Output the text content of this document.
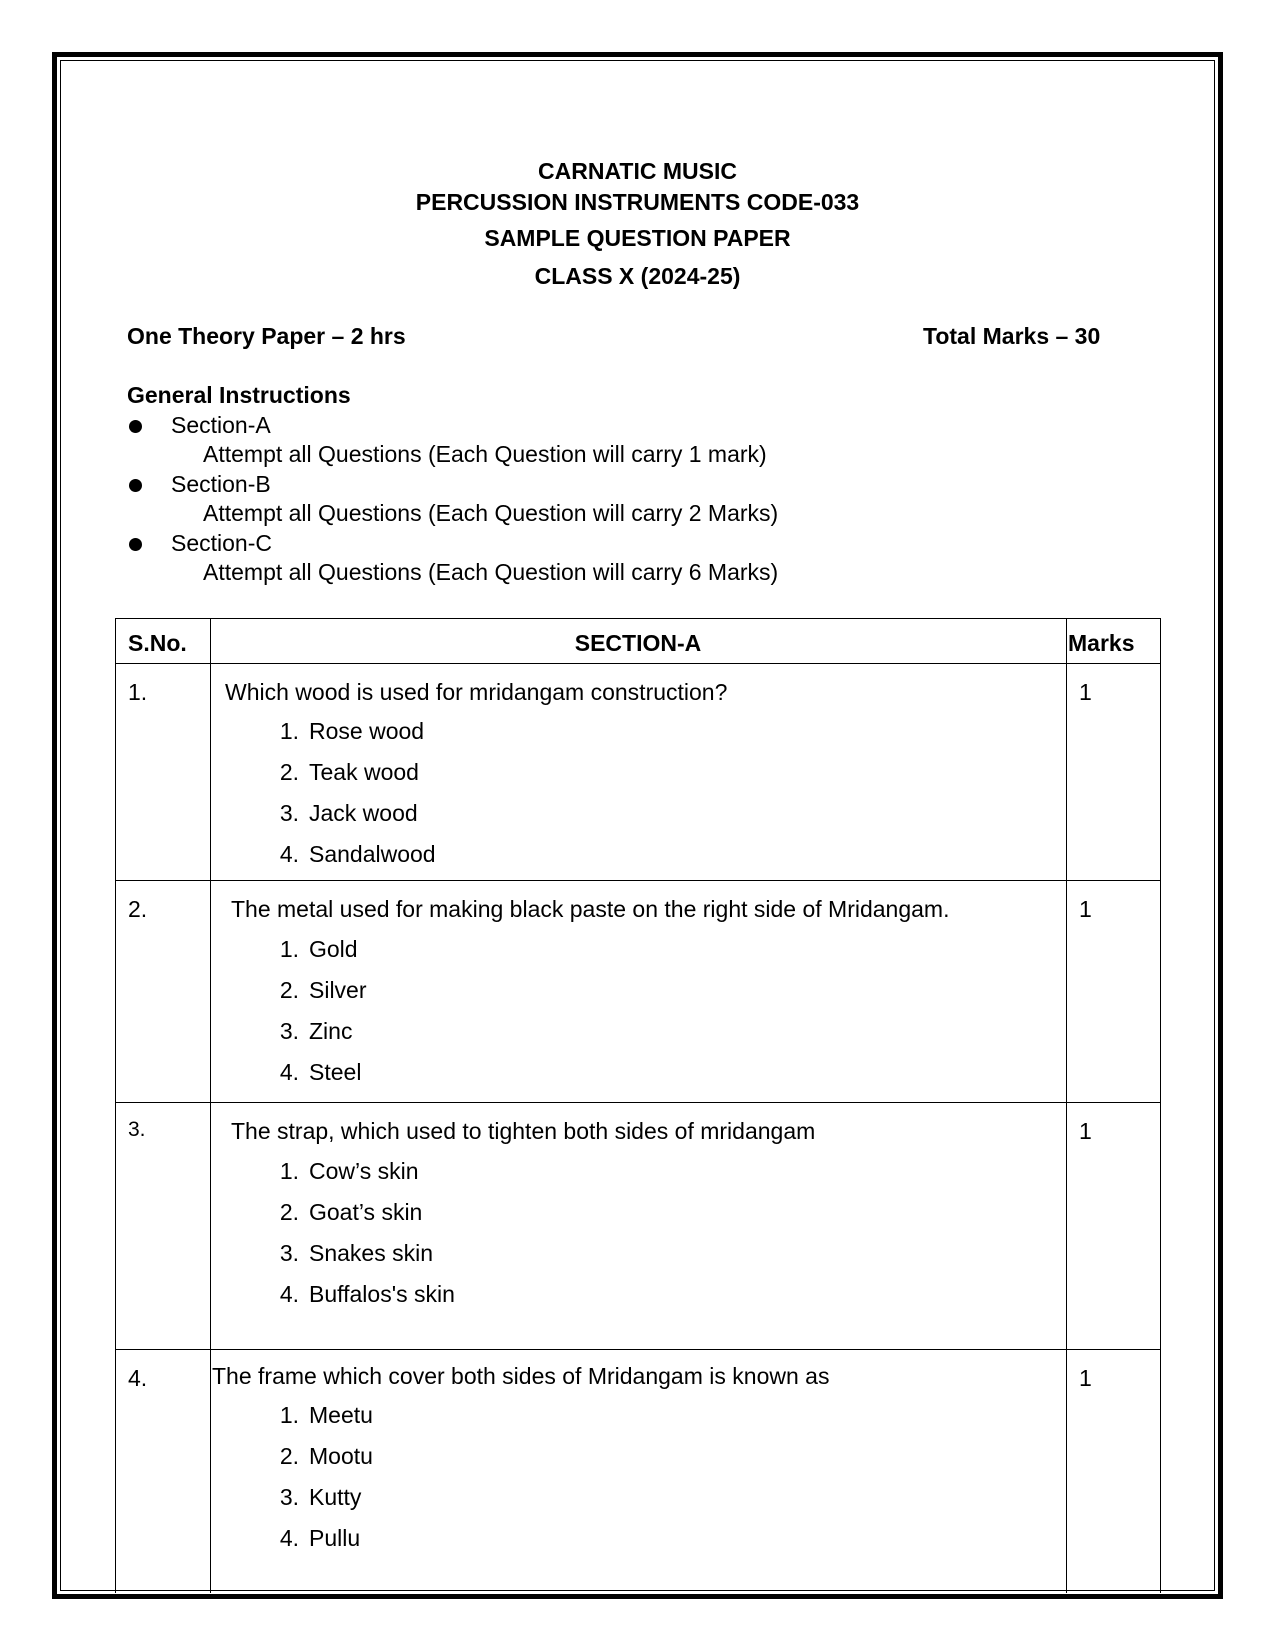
CARNATIC MUSIC
PERCUSSION INSTRUMENTS CODE-033
SAMPLE QUESTION PAPER
CLASS X (2024-25)
One Theory Paper – 2 hrs	Total Marks – 30
General Instructions
Section-A
Attempt all Questions (Each Question will carry 1 mark)
Section-B
Attempt all Questions (Each Question will carry 2 Marks)
Section-C
Attempt all Questions (Each Question will carry 6 Marks)
S.No.	SECTION-A	Marks
1.	Which wood is used for mridangam construction?
1. Rose wood
2. Teak wood
3. Jack wood
4. Sandalwood
1
2.	The metal used for making black paste on the right side of Mridangam.
1. Gold
2. Silver
3. Zinc
4. Steel
1
3.	The strap, which used to tighten both sides of mridangam
1. Cow’s skin
2. Goat’s skin
3. Snakes skin
4. Buffalos's skin
1
4.	The frame which cover both sides of Mridangam is known as
1. Meetu
2. Mootu
3. Kutty
4. Pullu
1
